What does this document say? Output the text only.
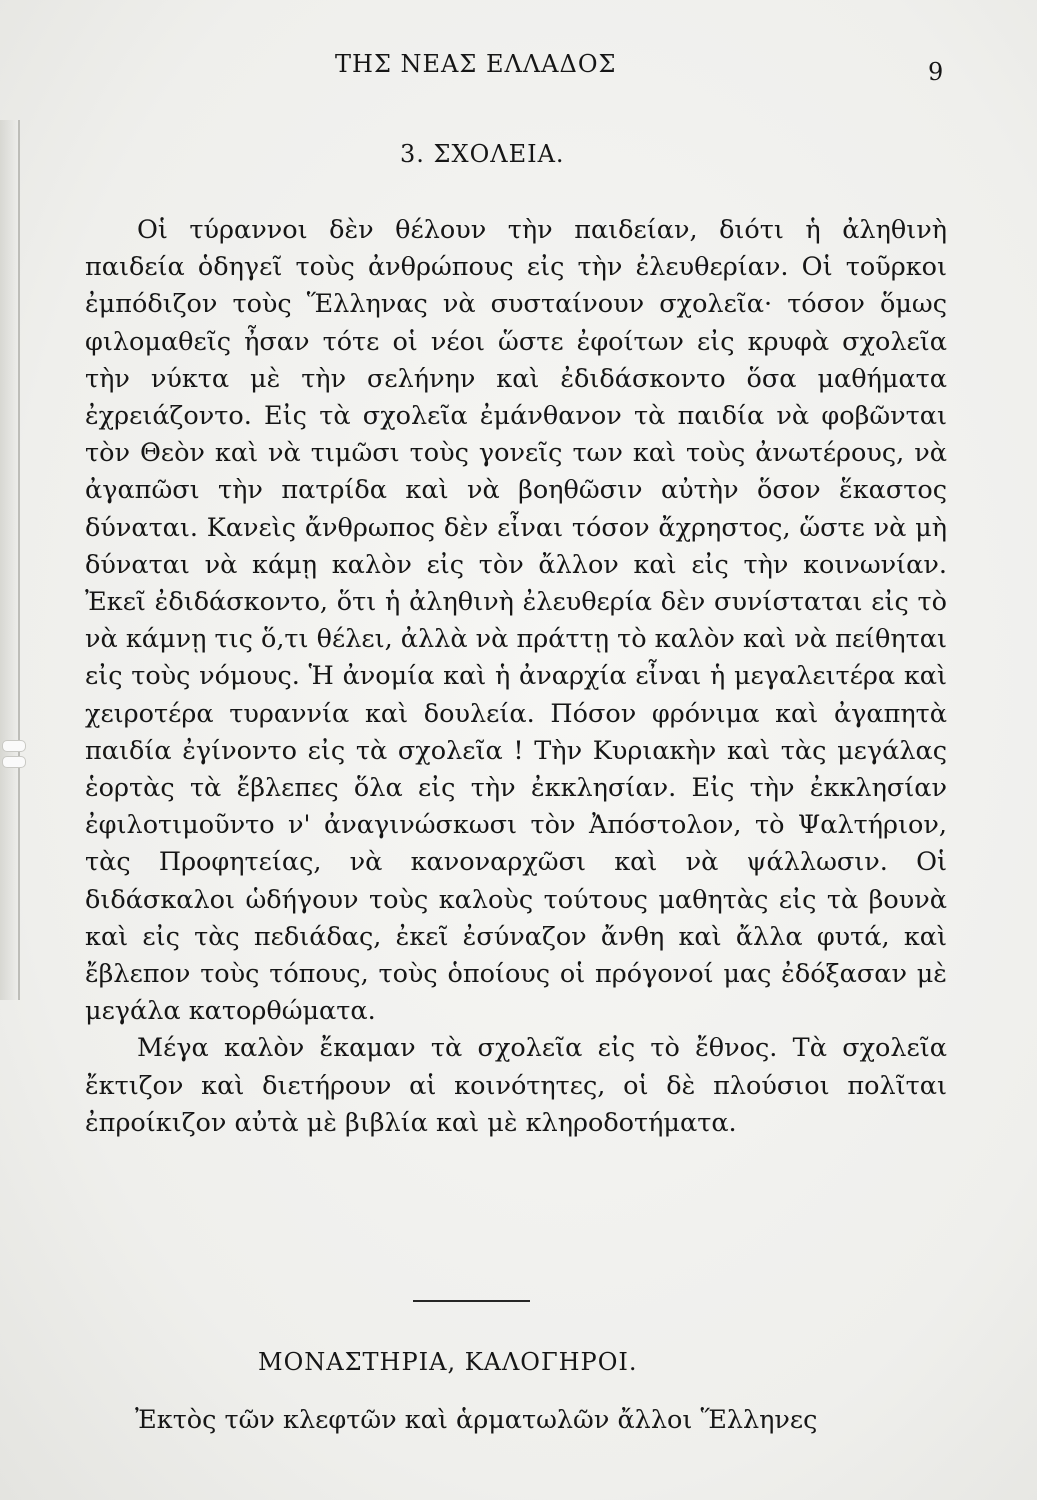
ΤΗΣ ΝΕΑΣ ΕΛΛΑΔΟΣ	9
3. ΣΧΟΛΕΙΑ.

Οἱ τύραννοι δὲν θέλουν τὴν παιδείαν, διότι ἡ ἀληθινὴ παιδεία ὁδηγεῖ τοὺς ἀνθρώπους εἰς τὴν ἐλευθερίαν. Οἱ τοῦρκοι ἐμπόδιζον τοὺς Ἕλληνας νὰ συσταίνουν σχολεῖα· τόσον ὅμως φιλομαθεῖς ἦσαν τότε οἱ νέοι ὥστε ἐφοίτων εἰς κρυφὰ σχολεῖα τὴν νύκτα μὲ τὴν σελήνην καὶ ἐδιδάσκοντο ὅσα μαθήματα ἐχρειάζοντο. Εἰς τὰ σχολεῖα ἐμάνθανον τὰ παιδία νὰ φοβῶνται τὸν Θεὸν καὶ νὰ τιμῶσι τοὺς γονεῖς των καὶ τοὺς ἀνωτέρους, νὰ ἀγαπῶσι τὴν πατρίδα καὶ νὰ βοηθῶσιν αὐτὴν ὅσον ἕκαστος δύναται. Κανεὶς ἄνθρωπος δὲν εἶναι τόσον ἄχρηστος, ὥστε νὰ μὴ δύναται νὰ κάμῃ καλὸν εἰς τὸν ἄλλον καὶ εἰς τὴν κοινωνίαν. Ἐκεῖ ἐδιδάσκοντο, ὅτι ἡ ἀληθινὴ ἐλευθερία δὲν συνίσταται εἰς τὸ νὰ κάμνῃ τις ὅ,τι θέλει, ἀλλὰ νὰ πράττῃ τὸ καλὸν καὶ νὰ πείθηται εἰς τοὺς νόμους. Ἡ ἀνομία καὶ ἡ ἀναρχία εἶναι ἡ μεγαλειτέρα καὶ χειροτέρα τυραννία καὶ δουλεία. Πόσον φρόνιμα καὶ ἀγαπητὰ παιδία ἐγίνοντο εἰς τὰ σχολεῖα ! Τὴν Κυριακὴν καὶ τὰς μεγάλας ἑορτὰς τὰ ἔβλεπες ὅλα εἰς τὴν ἐκκλησίαν. Εἰς τὴν ἐκκλησίαν ἐφιλοτιμοῦντο ν' ἀναγινώσκωσι τὸν Ἀπόστολον, τὸ Ψαλτήριον, τὰς Προφητείας, νὰ κανοναρχῶσι καὶ νὰ ψάλλωσιν. Οἱ διδάσκαλοι ὡδήγουν τοὺς καλοὺς τούτους μαθητὰς εἰς τὰ βουνὰ καὶ εἰς τὰς πεδιάδας, ἐκεῖ ἐσύναζον ἄνθη καὶ ἄλλα φυτά, καὶ ἔβλεπον τοὺς τόπους, τοὺς ὁποίους οἱ πρόγονοί μας ἐδόξασαν μὲ μεγάλα κατορθώματα.

Μέγα καλὸν ἔκαμαν τὰ σχολεῖα εἰς τὸ ἔθνος. Τὰ σχολεῖα ἔκτιζον καὶ διετήρουν αἱ κοινότητες, οἱ δὲ πλούσιοι πολῖται ἐπροίκιζον αὐτὰ μὲ βιβλία καὶ μὲ κληροδοτήματα.

ΜΟΝΑΣΤΗΡΙΑ, ΚΑΛΟΓΗΡΟΙ.
Ἐκτὸς τῶν κλεφτῶν καὶ ἁρματωλῶν ἄλλοι Ἕλληνες
